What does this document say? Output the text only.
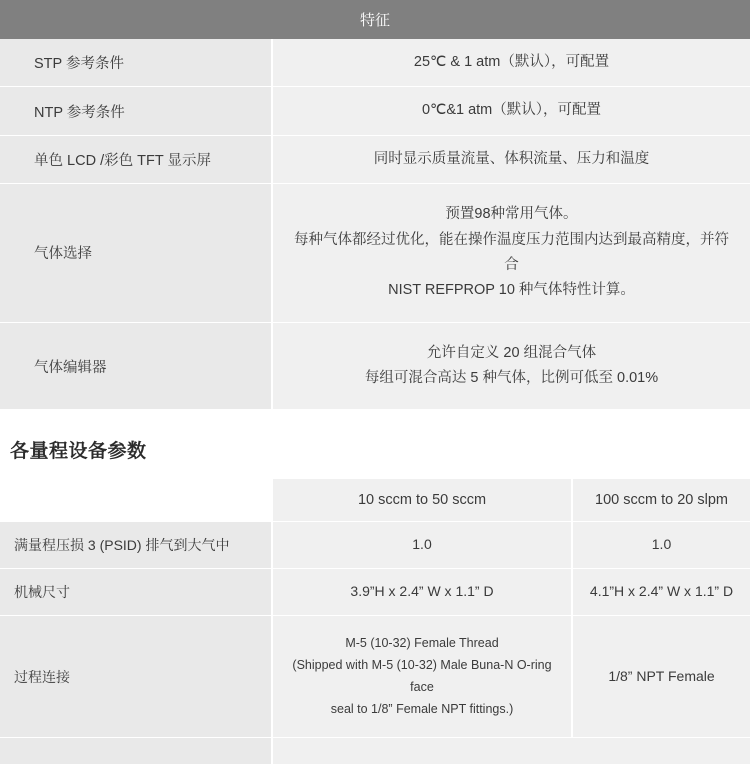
特征	
STP 参考条件	25℃ & 1 atm（默认），可配置

NTP 参考条件	0℃&1 atm（默认），可配置

单色 LCD /彩色 TFT 显示屏	同时显示质量流量、体积流量、压力和温度

气体选择	预置98种常用气体。
每种气体都经过优化，能在操作温度压力范围内达到最高精度，并符合
NIST REFPROP 10 种气体特性计算。

气体编辑器	允许自定义 20 组混合气体
每组可混合高达 5 种气体，比例可低至 0.01%
各量程设备参数
	10 sccm to 50 sccm	100 sccm to 20 slpm
满量程压损 3 (PSID) 排气到大气中	1.0	1.0

机械尺寸	3.9”H x 2.4” W x 1.1” D	4.1”H x 2.4” W x 1.1” D

过程连接	M-5 (10-32) Female Thread
(Shipped with M-5 (10-32) Male Buna-N O-ring face
seal to 1/8” Female NPT fittings.)	1/8” NPT Female
